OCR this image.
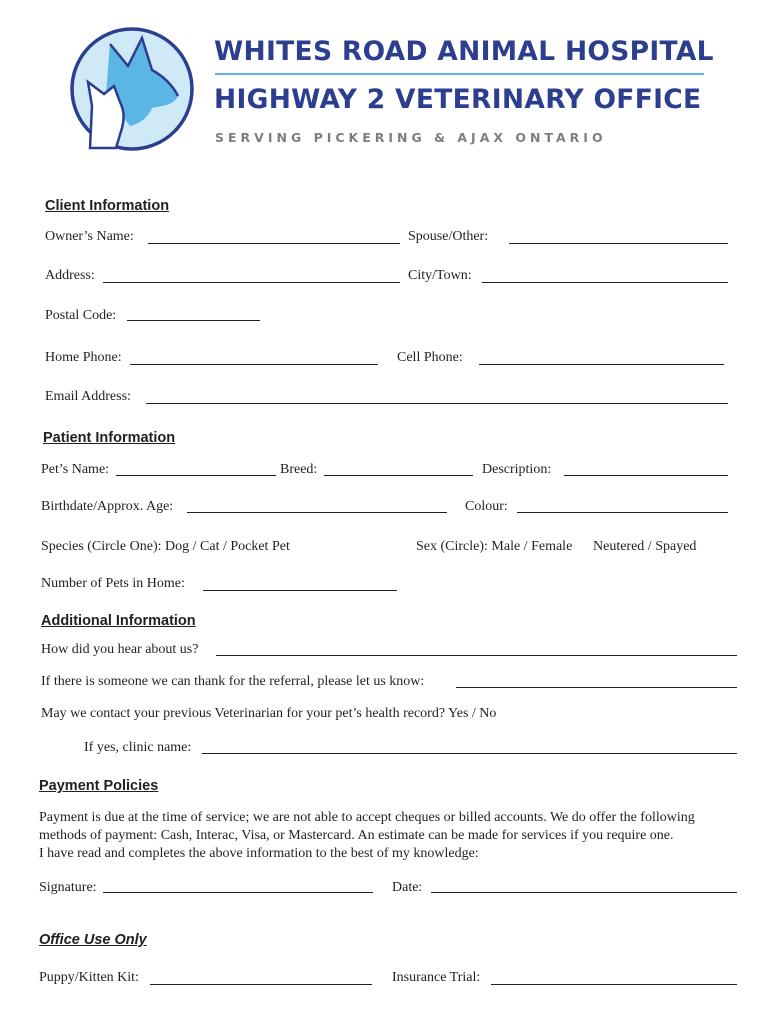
WHITES ROAD ANIMAL HOSPITAL
HIGHWAY 2 VETERINARY OFFICE
SERVING PICKERING & AJAX ONTARIO
Client Information
Owner’s Name:	Spouse/Other:
Address:	City/Town:
Postal Code:
Home Phone:	Cell Phone:
Email Address:
Patient Information
Pet’s Name:	Breed:	Description:
Birthdate/Approx. Age:	Colour:
Species (Circle One): Dog / Cat / Pocket Pet	Sex (Circle): Male / Female Neutered / Spayed
Number of Pets in Home:
Additional Information
How did you hear about us?
If there is someone we can thank for the referral, please let us know:
May we contact your previous Veterinarian for your pet’s health record? Yes / No
If yes, clinic name:
Payment Policies
Payment is due at the time of service; we are not able to accept cheques or billed accounts. We do offer the following
methods of payment: Cash, Interac, Visa, or Mastercard. An estimate can be made for services if you require one.
I have read and completes the above information to the best of my knowledge:
Signature:	Date:
Office Use Only
Puppy/Kitten Kit:	Insurance Trial:
